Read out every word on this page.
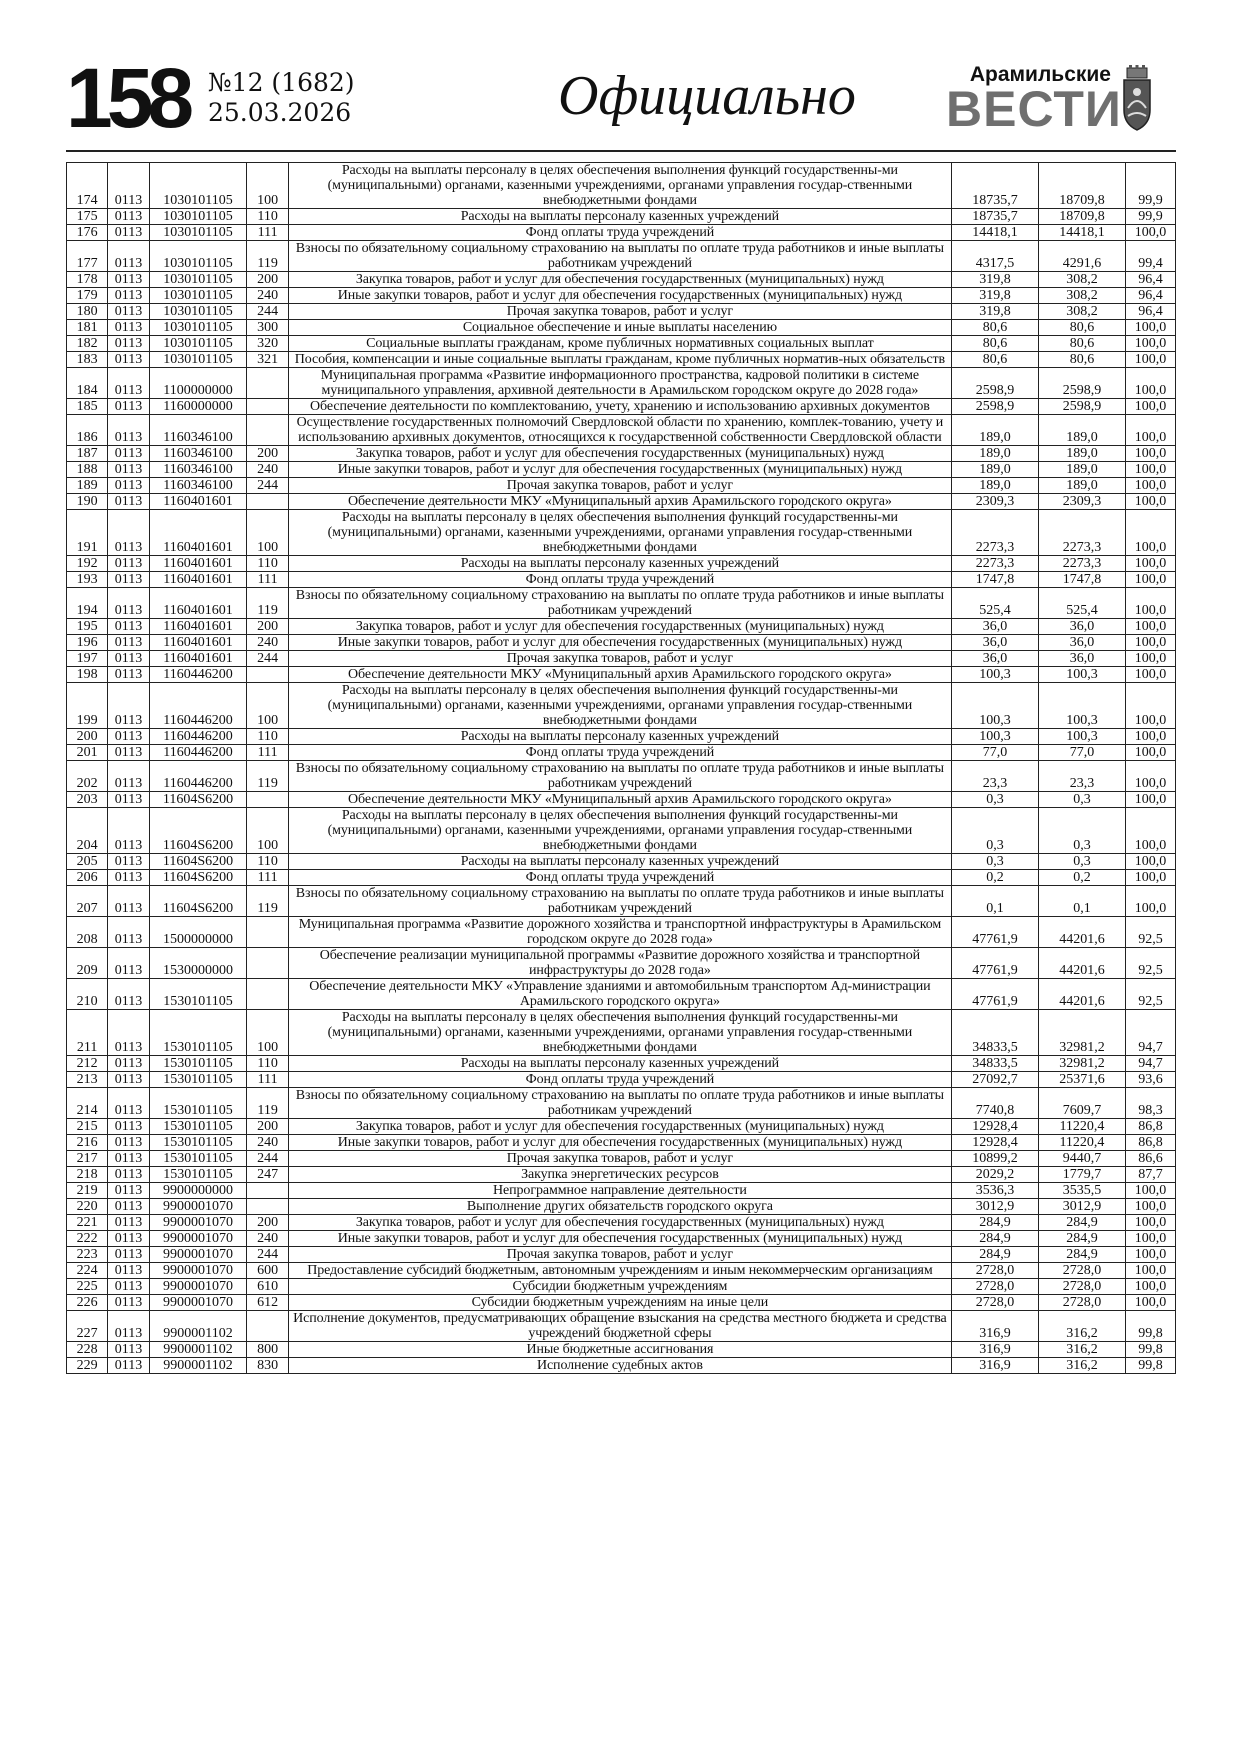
158 №12 (1682)
25.03.2026	Официально	Арамильские
ВЕСТИ
174	0113	1030101105	100	Расходы на выплаты персоналу в целях обеспечения выполнения функций государственны-ми (муниципальными) органами, казенными учреждениями, органами управления государ-ственными внебюджетными фондами	18735,7	18709,8	99,9
175	0113	1030101105	110	Расходы на выплаты персоналу казенных учреждений	18735,7	18709,8	99,9
176	0113	1030101105	111	Фонд оплаты труда учреждений	14418,1	14418,1	100,0
177	0113	1030101105	119	Взносы по обязательному социальному страхованию на выплаты по оплате труда работников и иные выплаты работникам учреждений	4317,5	4291,6	99,4
178	0113	1030101105	200	Закупка товаров, работ и услуг для обеспечения государственных (муниципальных) нужд	319,8	308,2	96,4
179	0113	1030101105	240	Иные закупки товаров, работ и услуг для обеспечения государственных (муниципальных) нужд	319,8	308,2	96,4
180	0113	1030101105	244	Прочая закупка товаров, работ и услуг	319,8	308,2	96,4
181	0113	1030101105	300	Социальное обеспечение и иные выплаты населению	80,6	80,6	100,0
182	0113	1030101105	320	Социальные выплаты гражданам, кроме публичных нормативных социальных выплат	80,6	80,6	100,0
183	0113	1030101105	321	Пособия, компенсации и иные социальные выплаты гражданам, кроме публичных норматив-ных обязательств	80,6	80,6	100,0
184	0113	1100000000		Муниципальная программа «Развитие информационного пространства, кадровой политики в системе муниципального управления, архивной деятельности в Арамильском городском округе до 2028 года»	2598,9	2598,9	100,0
185	0113	1160000000		Обеспечение деятельности по комплектованию, учету, хранению и использованию архивных документов	2598,9	2598,9	100,0
186	0113	1160346100		Осуществление государственных полномочий Свердловской области по хранению, комплек-тованию, учету и использованию архивных документов, относящихся к государственной собственности Свердловской области	189,0	189,0	100,0
187	0113	1160346100	200	Закупка товаров, работ и услуг для обеспечения государственных (муниципальных) нужд	189,0	189,0	100,0
188	0113	1160346100	240	Иные закупки товаров, работ и услуг для обеспечения государственных (муниципальных) нужд	189,0	189,0	100,0
189	0113	1160346100	244	Прочая закупка товаров, работ и услуг	189,0	189,0	100,0
190	0113	1160401601		Обеспечение деятельности МКУ «Муниципальный архив Арамильского городского округа»	2309,3	2309,3	100,0
191	0113	1160401601	100	Расходы на выплаты персоналу в целях обеспечения выполнения функций государственны-ми (муниципальными) органами, казенными учреждениями, органами управления государ-ственными внебюджетными фондами	2273,3	2273,3	100,0
192	0113	1160401601	110	Расходы на выплаты персоналу казенных учреждений	2273,3	2273,3	100,0
193	0113	1160401601	111	Фонд оплаты труда учреждений	1747,8	1747,8	100,0
194	0113	1160401601	119	Взносы по обязательному социальному страхованию на выплаты по оплате труда работников и иные выплаты работникам учреждений	525,4	525,4	100,0
195	0113	1160401601	200	Закупка товаров, работ и услуг для обеспечения государственных (муниципальных) нужд	36,0	36,0	100,0
196	0113	1160401601	240	Иные закупки товаров, работ и услуг для обеспечения государственных (муниципальных) нужд	36,0	36,0	100,0
197	0113	1160401601	244	Прочая закупка товаров, работ и услуг	36,0	36,0	100,0
198	0113	1160446200		Обеспечение деятельности МКУ «Муниципальный архив Арамильского городского округа»	100,3	100,3	100,0
199	0113	1160446200	100	Расходы на выплаты персоналу в целях обеспечения выполнения функций государственны-ми (муниципальными) органами, казенными учреждениями, органами управления государ-ственными внебюджетными фондами	100,3	100,3	100,0
200	0113	1160446200	110	Расходы на выплаты персоналу казенных учреждений	100,3	100,3	100,0
201	0113	1160446200	111	Фонд оплаты труда учреждений	77,0	77,0	100,0
202	0113	1160446200	119	Взносы по обязательному социальному страхованию на выплаты по оплате труда работников и иные выплаты работникам учреждений	23,3	23,3	100,0
203	0113	11604S6200		Обеспечение деятельности МКУ «Муниципальный архив Арамильского городского округа»	0,3	0,3	100,0
204	0113	11604S6200	100	Расходы на выплаты персоналу в целях обеспечения выполнения функций государственны-ми (муниципальными) органами, казенными учреждениями, органами управления государ-ственными внебюджетными фондами	0,3	0,3	100,0
205	0113	11604S6200	110	Расходы на выплаты персоналу казенных учреждений	0,3	0,3	100,0
206	0113	11604S6200	111	Фонд оплаты труда учреждений	0,2	0,2	100,0
207	0113	11604S6200	119	Взносы по обязательному социальному страхованию на выплаты по оплате труда работников и иные выплаты работникам учреждений	0,1	0,1	100,0
208	0113	1500000000		Муниципальная программа «Развитие дорожного хозяйства и транспортной инфраструктуры в Арамильском городском округе до 2028 года»	47761,9	44201,6	92,5
209	0113	1530000000		Обеспечение реализации муниципальной программы «Развитие дорожного хозяйства и транспортной инфраструктуры до 2028 года»	47761,9	44201,6	92,5
210	0113	1530101105		Обеспечение деятельности МКУ «Управление зданиями и автомобильным транспортом Ад-министрации Арамильского городского округа»	47761,9	44201,6	92,5
211	0113	1530101105	100	Расходы на выплаты персоналу в целях обеспечения выполнения функций государственны-ми (муниципальными) органами, казенными учреждениями, органами управления государ-ственными внебюджетными фондами	34833,5	32981,2	94,7
212	0113	1530101105	110	Расходы на выплаты персоналу казенных учреждений	34833,5	32981,2	94,7
213	0113	1530101105	111	Фонд оплаты труда учреждений	27092,7	25371,6	93,6
214	0113	1530101105	119	Взносы по обязательному социальному страхованию на выплаты по оплате труда работников и иные выплаты работникам учреждений	7740,8	7609,7	98,3
215	0113	1530101105	200	Закупка товаров, работ и услуг для обеспечения государственных (муниципальных) нужд	12928,4	11220,4	86,8
216	0113	1530101105	240	Иные закупки товаров, работ и услуг для обеспечения государственных (муниципальных) нужд	12928,4	11220,4	86,8
217	0113	1530101105	244	Прочая закупка товаров, работ и услуг	10899,2	9440,7	86,6
218	0113	1530101105	247	Закупка энергетических ресурсов	2029,2	1779,7	87,7
219	0113	9900000000		Непрограммное направление деятельности	3536,3	3535,5	100,0
220	0113	9900001070		Выполнение других обязательств городского округа	3012,9	3012,9	100,0
221	0113	9900001070	200	Закупка товаров, работ и услуг для обеспечения государственных (муниципальных) нужд	284,9	284,9	100,0
222	0113	9900001070	240	Иные закупки товаров, работ и услуг для обеспечения государственных (муниципальных) нужд	284,9	284,9	100,0
223	0113	9900001070	244	Прочая закупка товаров, работ и услуг	284,9	284,9	100,0
224	0113	9900001070	600	Предоставление субсидий бюджетным, автономным учреждениям и иным некоммерческим организациям	2728,0	2728,0	100,0
225	0113	9900001070	610	Субсидии бюджетным учреждениям	2728,0	2728,0	100,0
226	0113	9900001070	612	Субсидии бюджетным учреждениям на иные цели	2728,0	2728,0	100,0
227	0113	9900001102		Исполнение документов, предусматривающих обращение взыскания на средства местного бюджета и средства учреждений бюджетной сферы	316,9	316,2	99,8
228	0113	9900001102	800	Иные бюджетные ассигнования	316,9	316,2	99,8
229	0113	9900001102	830	Исполнение судебных актов	316,9	316,2	99,8
